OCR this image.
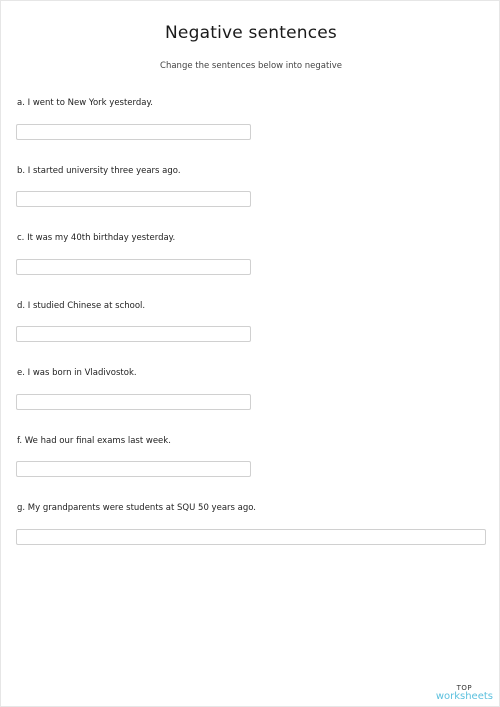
Negative sentences
Change the sentences below into negative
a. I went to New York yesterday.
b. I started university three years ago.
c. It was my 40th birthday yesterday.
d. I studied Chinese at school.
e. I was born in Vladivostok.
f. We had our final exams last week.
g. My grandparents were students at SQU 50 years ago.
TOP
worksheets
